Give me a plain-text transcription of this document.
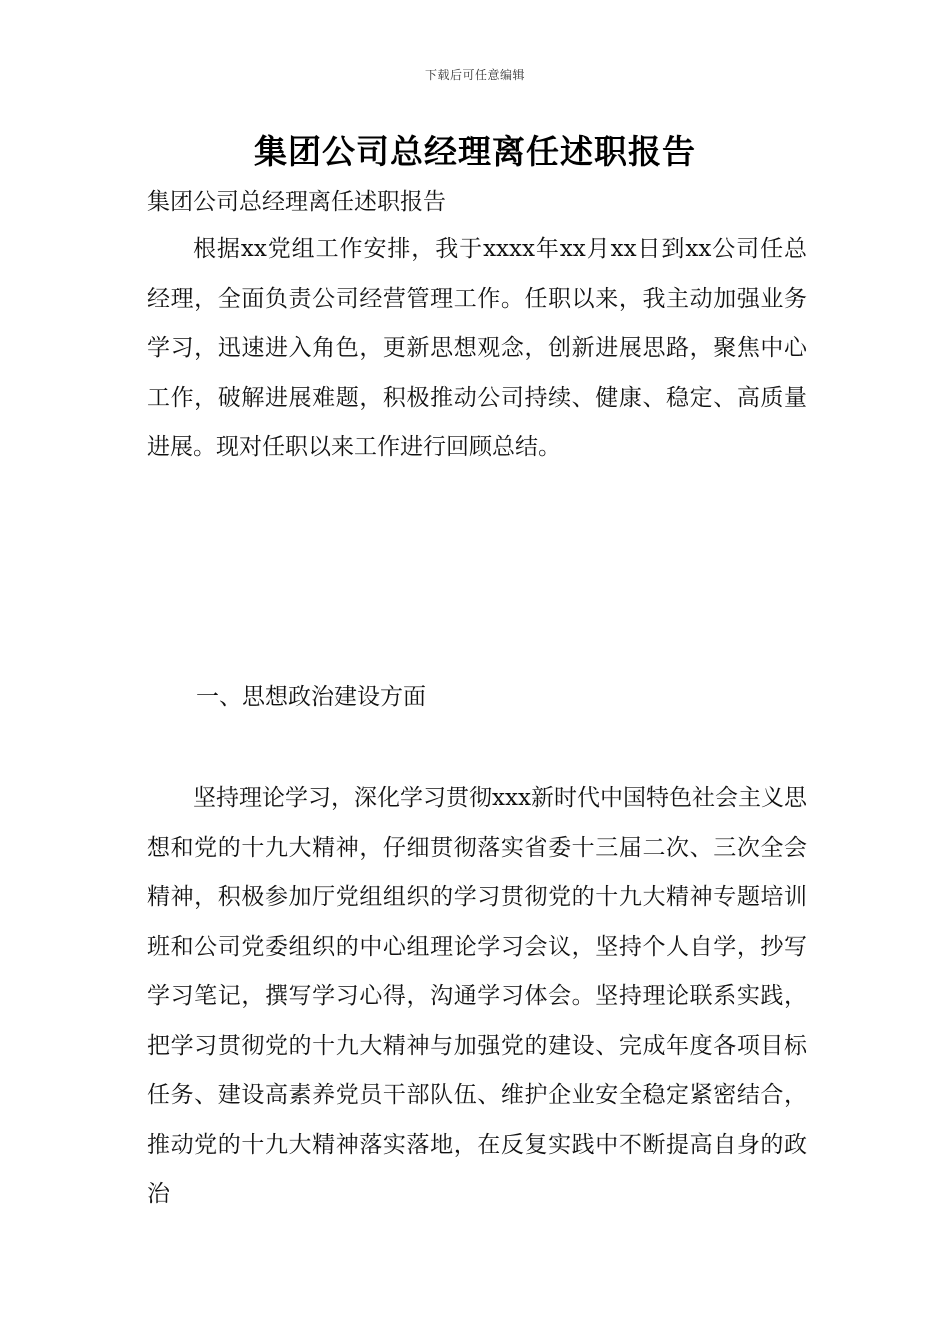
下载后可任意编辑
集团公司总经理离任述职报告

集团公司总经理离任述职报告

根据xx党组工作安排，我于xxxx年xx月xx日到xx公司任总经理，全面负责公司经营管理工作。任职以来，我主动加强业务学习，迅速进入角色，更新思想观念，创新进展思路，聚焦中心工作，破解进展难题，积极推动公司持续、健康、稳定、高质量进展。现对任职以来工作进行回顾总结。

一、思想政治建设方面

坚持理论学习，深化学习贯彻xxx新时代中国特色社会主义思想和党的十九大精神，仔细贯彻落实省委十三届二次、三次全会精神，积极参加厅党组组织的学习贯彻党的十九大精神专题培训班和公司党委组织的中心组理论学习会议，坚持个人自学，抄写学习笔记，撰写学习心得，沟通学习体会。坚持理论联系实践，把学习贯彻党的十九大精神与加强党的建设、完成年度各项目标任务、建设高素养党员干部队伍、维护企业安全稳定紧密结合，推动党的十九大精神落实落地，在反复实践中不断提高自身的政治
